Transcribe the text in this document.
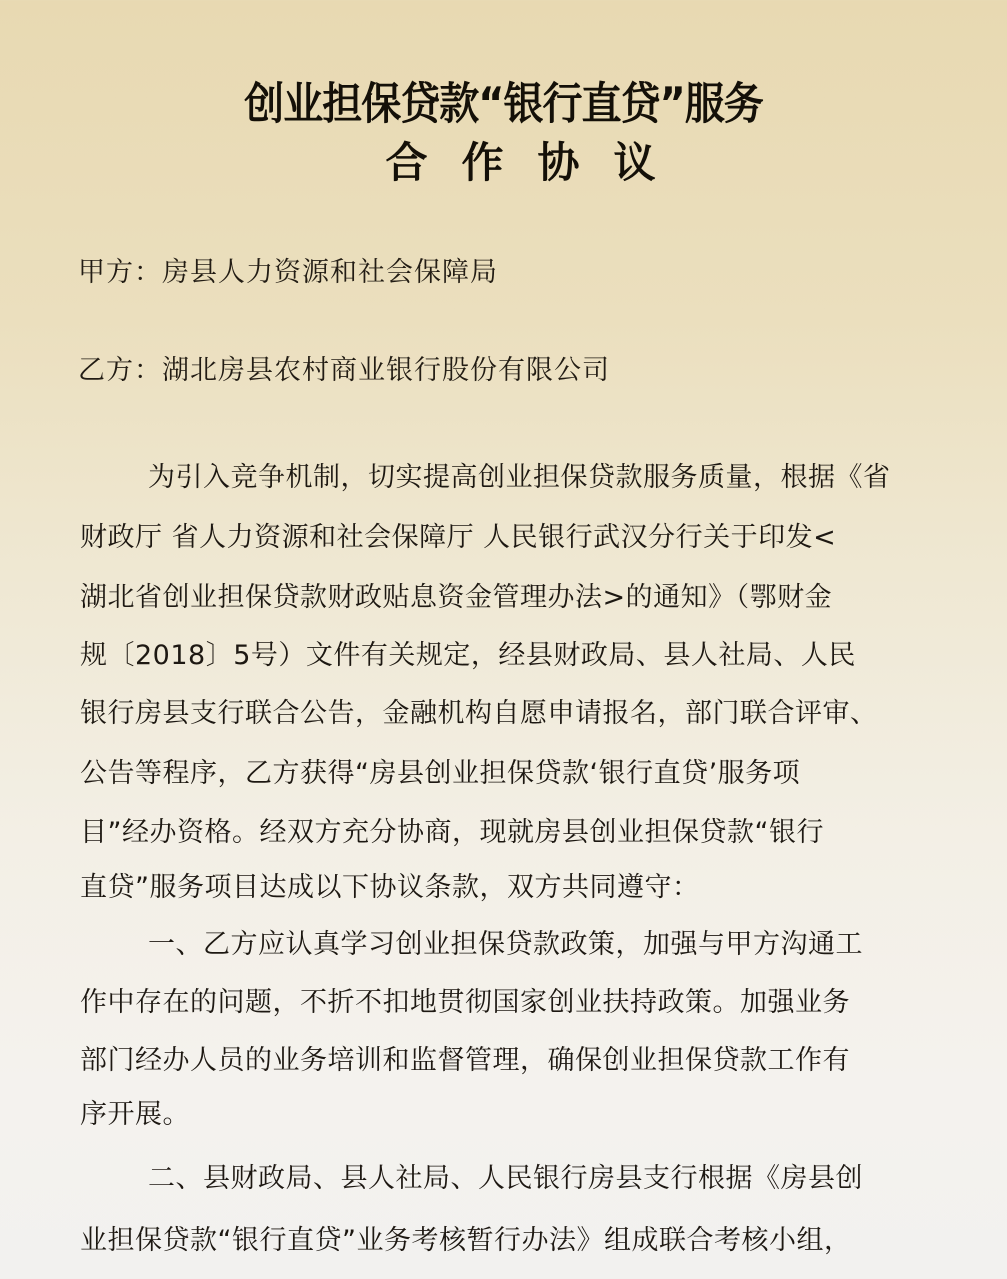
创业担保贷款“银行直贷”服务
合作协议
甲方：房县人力资源和社会保障局
乙方：湖北房县农村商业银行股份有限公司
为引入竞争机制，切实提高创业担保贷款服务质量，根据《省
财政厅 省人力资源和社会保障厅 人民银行武汉分行关于印发<
湖北省创业担保贷款财政贴息资金管理办法>的通知》（鄂财金
规〔2018〕5号）文件有关规定，经县财政局、县人社局、人民
银行房县支行联合公告，金融机构自愿申请报名，部门联合评审、
公告等程序，乙方获得“房县创业担保贷款‘银行直贷’服务项
目”经办资格。经双方充分协商，现就房县创业担保贷款“银行
直贷”服务项目达成以下协议条款，双方共同遵守：
一、乙方应认真学习创业担保贷款政策，加强与甲方沟通工
作中存在的问题，不折不扣地贯彻国家创业扶持政策。加强业务
部门经办人员的业务培训和监督管理，确保创业担保贷款工作有
序开展。
二、县财政局、县人社局、人民银行房县支行根据《房县创
业担保贷款“银行直贷”业务考核暂行办法》组成联合考核小组，
